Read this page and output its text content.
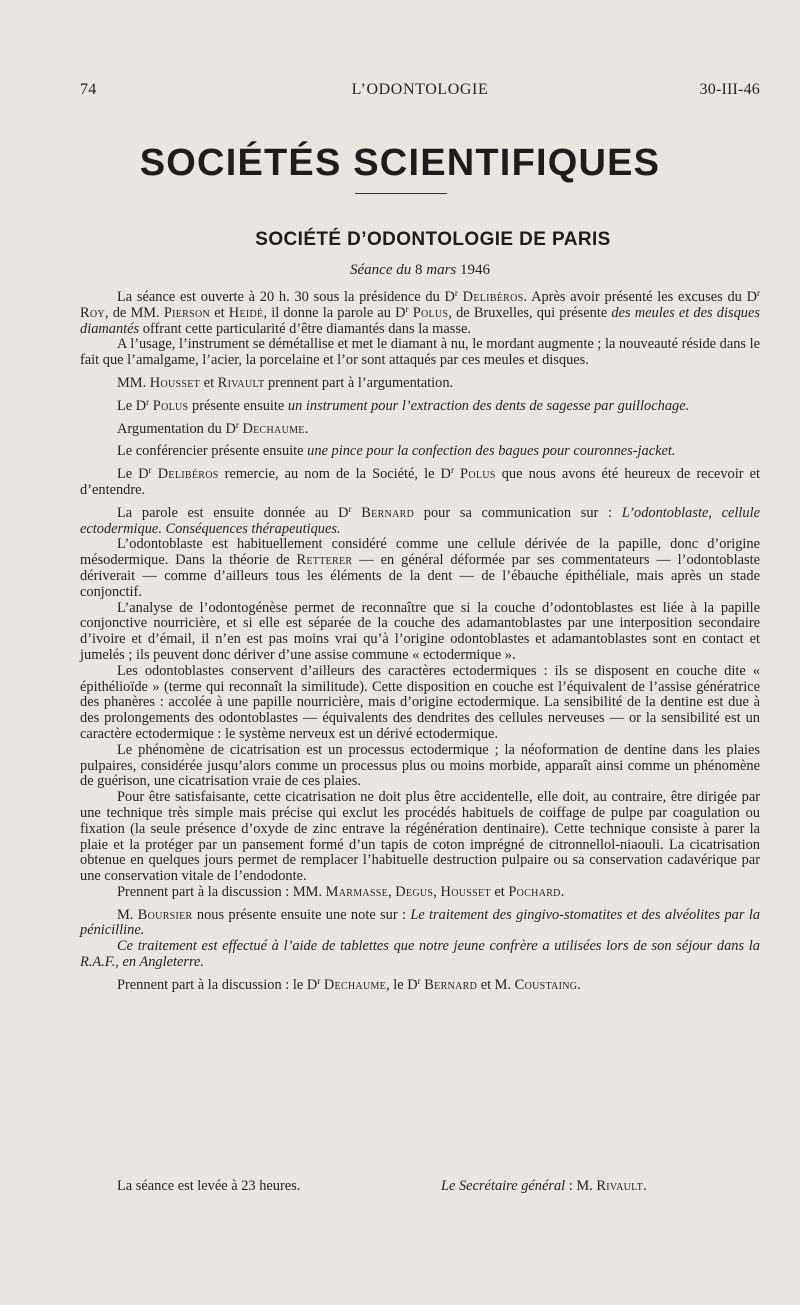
74	L’ODONTOLOGIE	30-III-46
SOCIÉTÉS SCIENTIFIQUES
SOCIÉTÉ D’ODONTOLOGIE DE PARIS
Séance du 8 mars 1946

La séance est ouverte à 20 h. 30 sous la présidence du $D^r$ Delibéros. Après avoir présenté les excuses du $D^r$ Roy, de MM. Pierson et Heidé, il donne la parole au $D^r$ Polus, de Bruxelles, qui présente des meules et des disques diamantés offrant cette particularité d’être diamantés dans la masse.

A l’usage, l’instrument se démétallise et met le diamant à nu, le mordant augmente ; la nouveauté réside dans le fait que l’amalgame, l’acier, la porcelaine et l’or sont attaqués par ces meules et disques.

MM. Housset et Rivault prennent part à l’argumentation.

Le $D^r$ Polus présente ensuite un instrument pour l’extraction des dents de sagesse par guillochage.

Argumentation du $D^r$ Dechaume.

Le conférencier présente ensuite une pince pour la confection des bagues pour couronnes-jacket.

Le $D^r$ Delibéros remercie, au nom de la Société, le $D^r$ Polus que nous avons été heureux de recevoir et d’entendre.

La parole est ensuite donnée au $D^r$ Bernard pour sa communication sur : L’odontoblaste, cellule ectodermique. Conséquences thérapeutiques.

L’odontoblaste est habituellement considéré comme une cellule dérivée de la papille, donc d’origine mésodermique. Dans la théorie de Retterer — en général déformée par ses commentateurs — l’odontoblaste dériverait — comme d’ailleurs tous les éléments de la dent — de l’ébauche épithéliale, mais après un stade conjonctif.

L’analyse de l’odontogénèse permet de reconnaître que si la couche d’odontoblastes est liée à la papille conjonctive nourricière, et si elle est séparée de la couche des adamantoblastes par une interposition secondaire d’ivoire et d’émail, il n’en est pas moins vrai qu’à l’origine odontoblastes et adamantoblastes sont en contact et jumelés ; ils peuvent donc dériver d’une assise commune « ectodermique ».

Les odontoblastes conservent d’ailleurs des caractères ectodermiques : ils se disposent en couche dite « épithélioïde » (terme qui reconnaît la similitude). Cette disposition en couche est l’équivalent de l’assise génératrice des phanères : accolée à une papille nourricière, mais d’origine ectodermique. La sensibilité de la dentine est due à des prolongements des odontoblastes — équivalents des dendrites des cellules nerveuses — or la sensibilité est un caractère ectodermique : le système nerveux est un dérivé ectodermique.

Le phénomène de cicatrisation est un processus ectodermique ; la néoformation de dentine dans les plaies pulpaires, considérée jusqu’alors comme un processus plus ou moins morbide, apparaît ainsi comme un phénomène de guérison, une cicatrisation vraie de ces plaies.

Pour être satisfaisante, cette cicatrisation ne doit plus être accidentelle, elle doit, au contraire, être dirigée par une technique très simple mais précise qui exclut les procédés habituels de coiffage de pulpe par coagulation ou fixation (la seule présence d’oxyde de zinc entrave la régénération dentinaire). Cette technique consiste à parer la plaie et la protéger par un pansement formé d’un tapis de coton imprégné de citronnellol-niaouli. La cicatrisation obtenue en quelques jours permet de remplacer l’habituelle destruction pulpaire ou sa conservation cadavérique par une conservation vitale de l’endodonte.

Prennent part à la discussion : MM. Marmasse, Degus, Housset et Pochard.

M. Boursier nous présente ensuite une note sur : Le traitement des gingivo-stomatites et des alvéolites par la pénicilline.

Ce traitement est effectué à l’aide de tablettes que notre jeune confrère a utilisées lors de son séjour dans la R.A.F., en Angleterre.

Prennent part à la discussion : le $D^r$ Dechaume, le $D^r$ Bernard et M. Coustaing.

La séance est levée à 23 heures.	Le Secrétaire général : M. Rivault.
